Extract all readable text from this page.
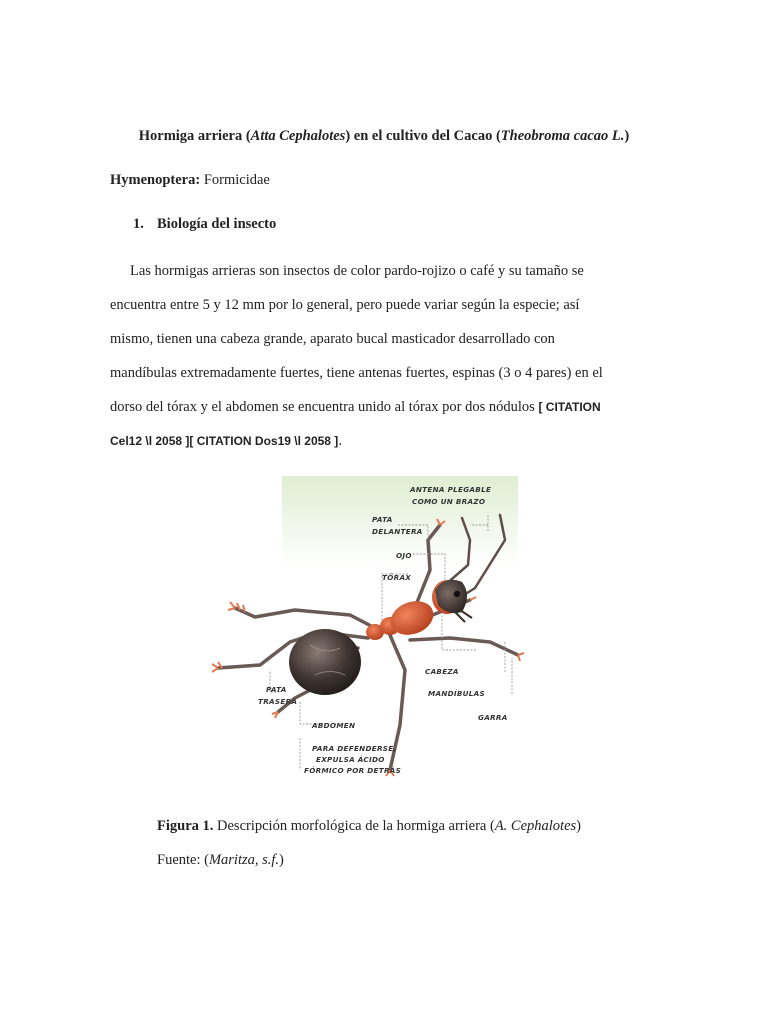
Hormiga arriera (Atta Cephalotes) en el cultivo del Cacao (Theobroma cacao L.)
Hymenoptera: Formicidae
1. Biología del insecto
Las hormigas arrieras son insectos de color pardo-rojizo o café y su tamaño se
encuentra entre 5 y 12 mm por lo general, pero puede variar según la especie; así
mismo, tienen una cabeza grande, aparato bucal masticador desarrollado con
mandíbulas extremadamente fuertes, tiene antenas fuertes, espinas (3 o 4 pares) en el
dorso del tórax y el abdomen se encuentra unido al tórax por dos nódulos [ CITATION
Cel12 \l 2058 ][ CITATION Dos19 \l 2058 ].
ANTENA PLEGABLE
COMO UN BRAZO
PATA
DELANTERA
OJO
TÓRAX
CABEZA
MANDÍBULAS
GARRA
PATA
TRASERA
ABDOMEN
PARA DEFENDERSE,
EXPULSA ÁCIDO
FÓRMICO POR DETRÁS
Figura 1. Descripción morfológica de la hormiga arriera (A. Cephalotes)
Fuente: (Maritza, s.f.)
